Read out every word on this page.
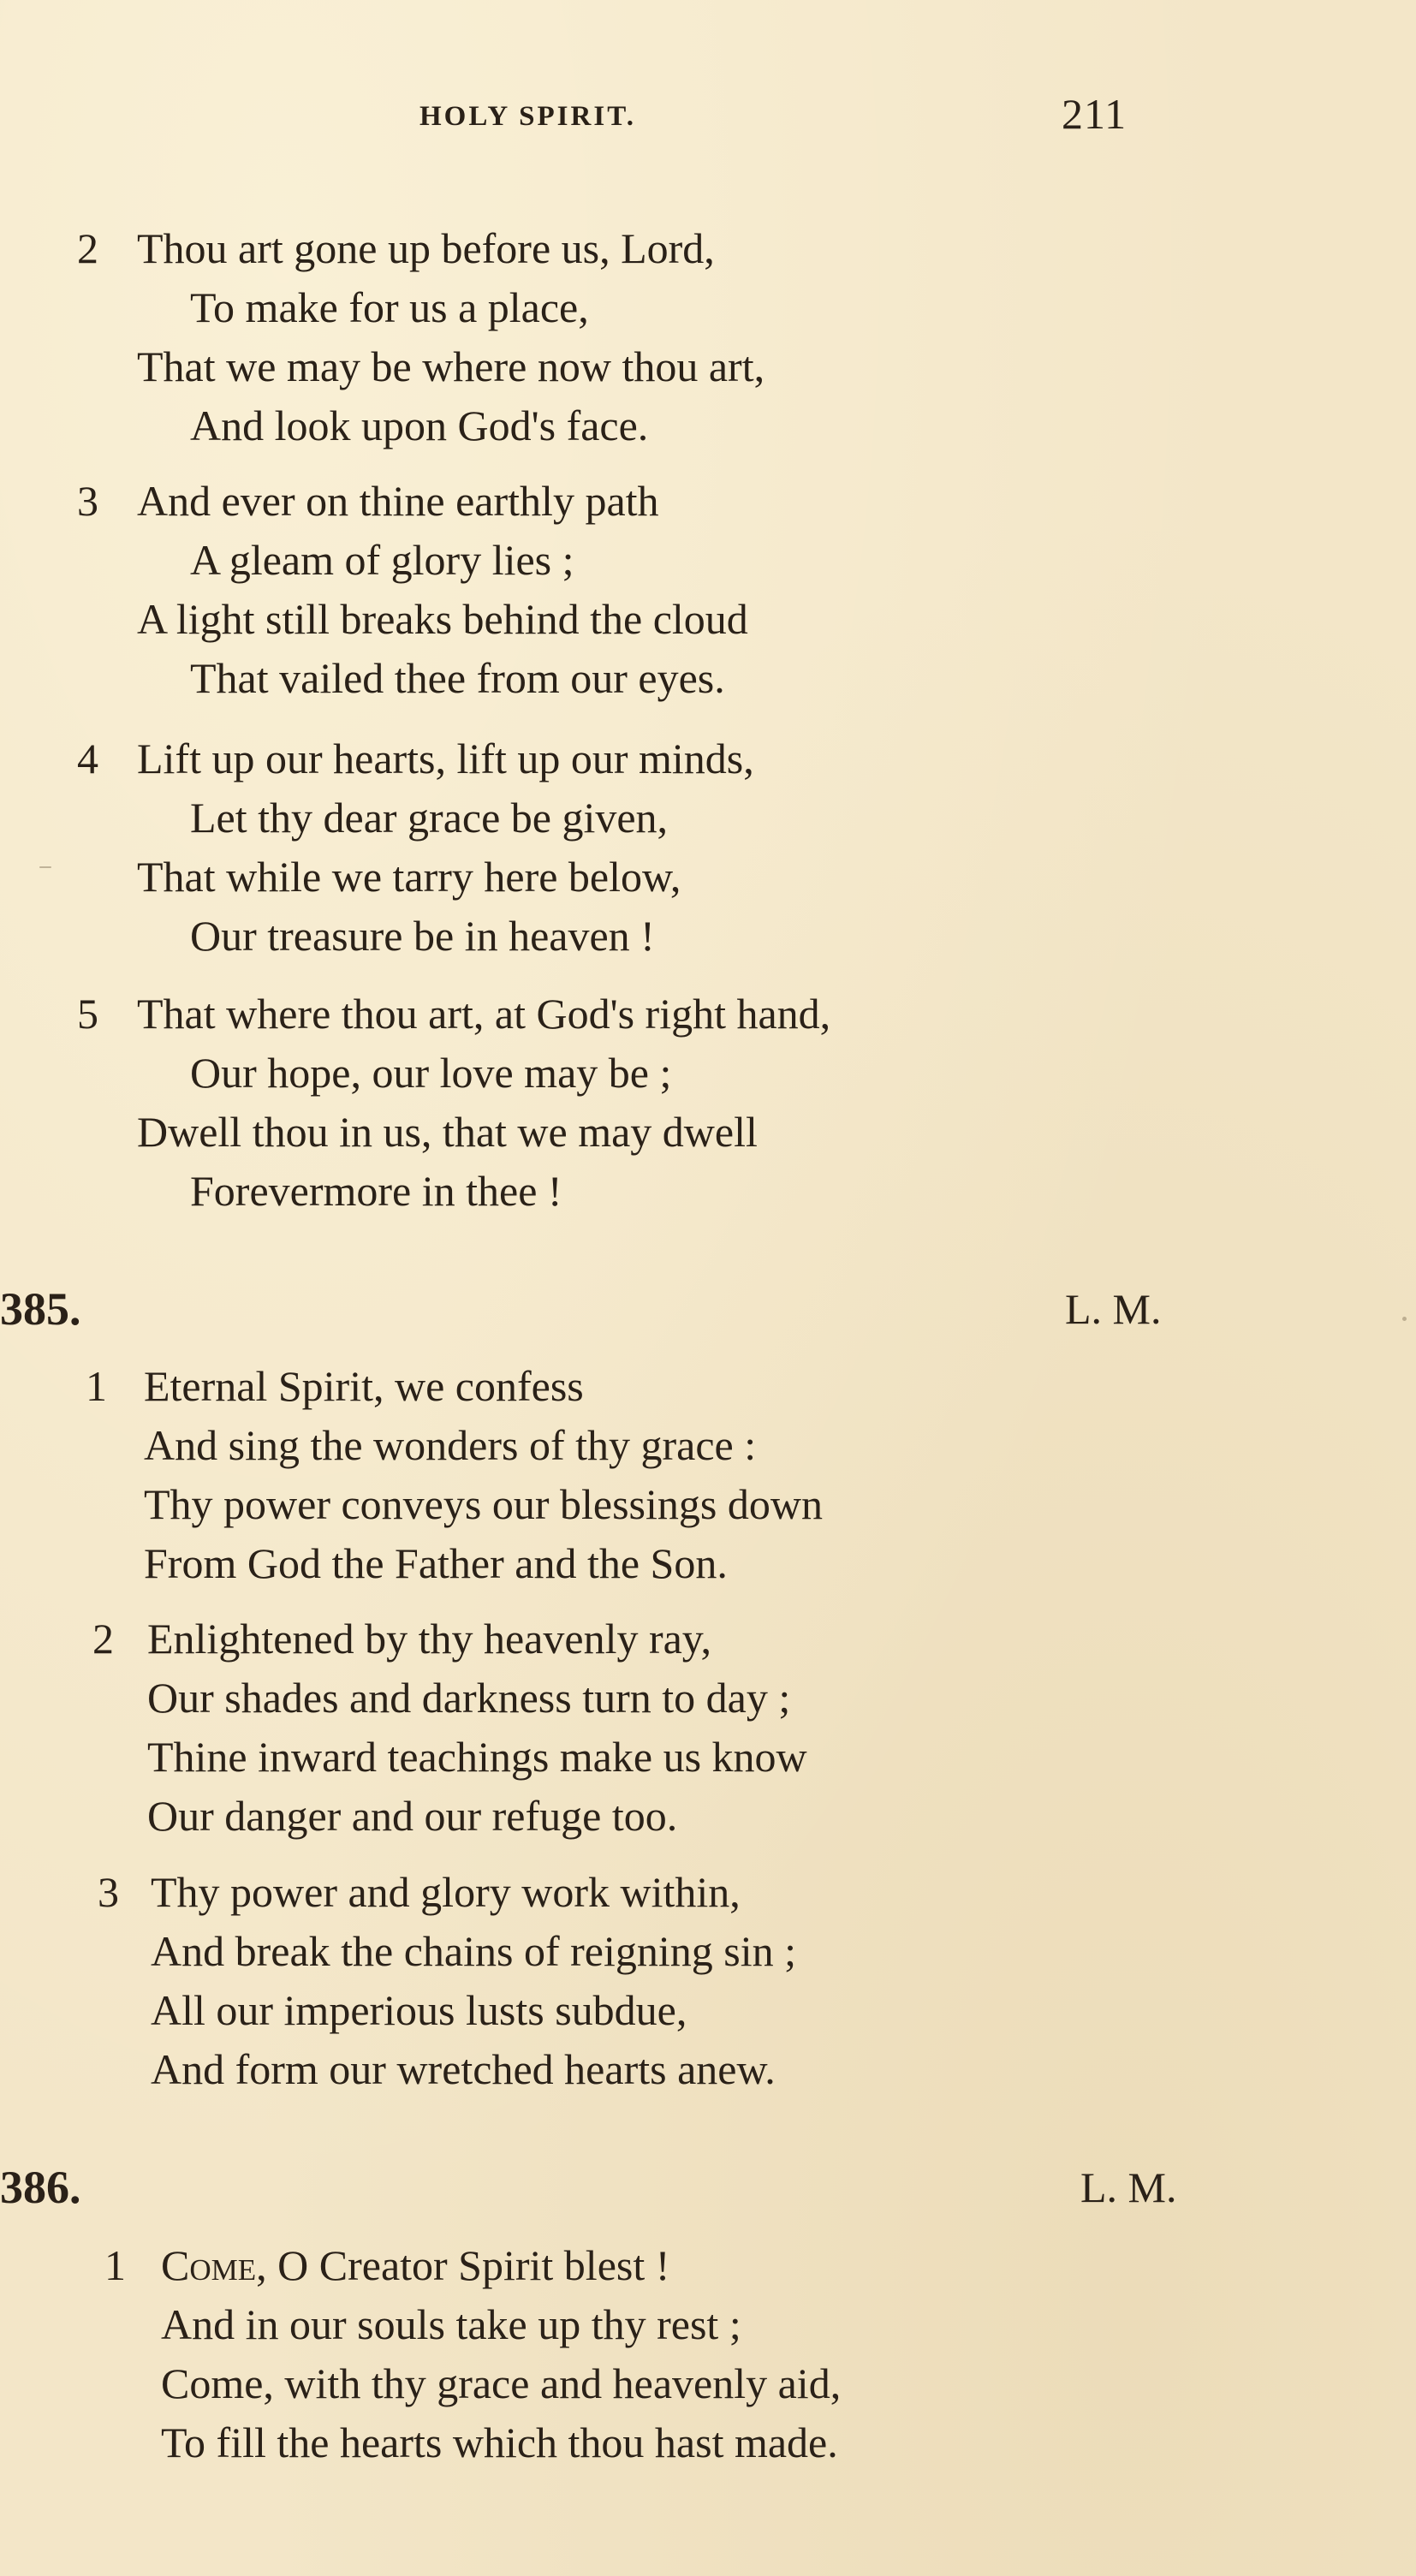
HOLY SPIRIT.	211
2 Thou art gone up before us, Lord,
To make for us a place,
That we may be where now thou art,
And look upon God's face.
3 And ever on thine earthly path
A gleam of glory lies ;
A light still breaks behind the cloud
That vailed thee from our eyes.
4 Lift up our hearts, lift up our minds,
Let thy dear grace be given,
That while we tarry here below,
Our treasure be in heaven !
5 That where thou art, at God's right hand,
Our hope, our love may be ;
Dwell thou in us, that we may dwell
Forevermore in thee !
385.	L. M.
1 Eternal Spirit, we confess
And sing the wonders of thy grace :
Thy power conveys our blessings down
From God the Father and the Son.
2 Enlightened by thy heavenly ray,
Our shades and darkness turn to day ;
Thine inward teachings make us know
Our danger and our refuge too.
3 Thy power and glory work within,
And break the chains of reigning sin ;
All our imperious lusts subdue,
And form our wretched hearts anew.
386.	L. M.
1 Come, O Creator Spirit blest !
And in our souls take up thy rest ;
Come, with thy grace and heavenly aid,
To fill the hearts which thou hast made.
